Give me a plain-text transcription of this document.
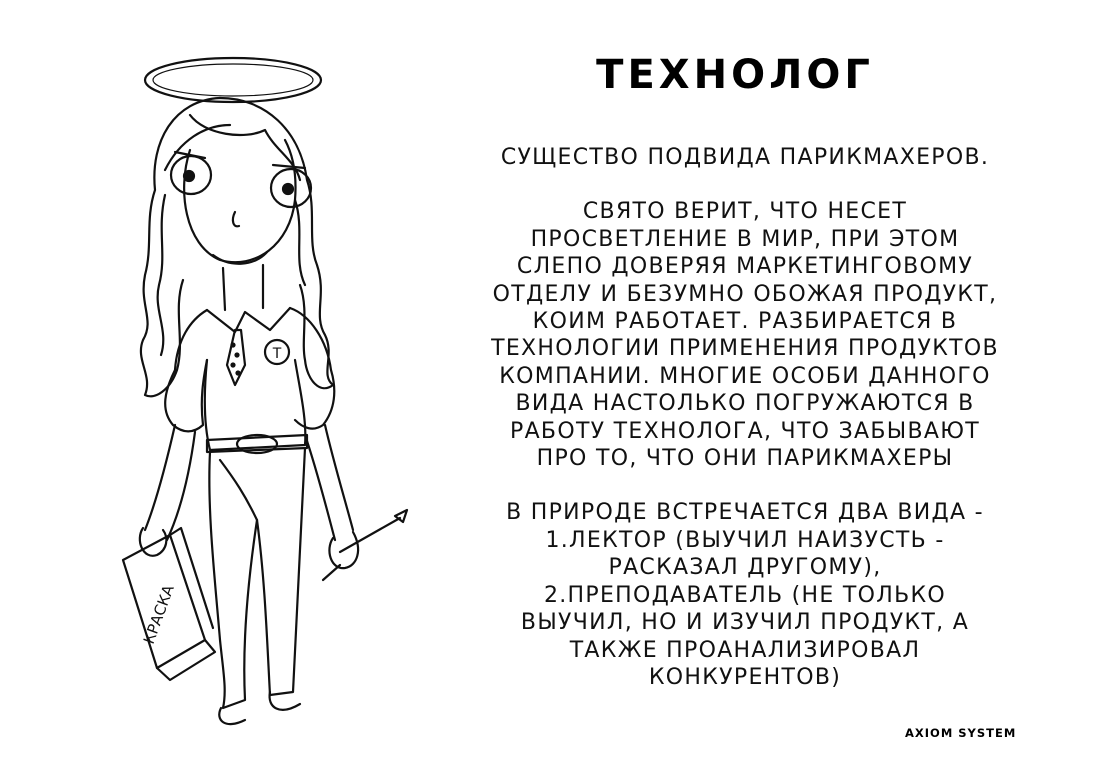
Т
КРАСКА
ТЕХНОЛОГ
СУЩЕСТВО ПОДВИДА ПАРИКМАХЕРОВ.
СВЯТО ВЕРИТ, ЧТО НЕСЕТ
ПРОСВЕТЛЕНИЕ В МИР, ПРИ ЭТОМ
СЛЕПО ДОВЕРЯЯ МАРКЕТИНГОВОМУ
ОТДЕЛУ И БЕЗУМНО ОБОЖАЯ ПРОДУКТ,
КОИМ РАБОТАЕТ. РАЗБИРАЕТСЯ В
ТЕХНОЛОГИИ ПРИМЕНЕНИЯ ПРОДУКТОВ
КОМПАНИИ. МНОГИЕ ОСОБИ ДАННОГО
ВИДА НАСТОЛЬКО ПОГРУЖАЮТСЯ В
РАБОТУ ТЕХНОЛОГА, ЧТО ЗАБЫВАЮТ
ПРО ТО, ЧТО ОНИ ПАРИКМАХЕРЫ
В ПРИРОДЕ ВСТРЕЧАЕТСЯ ДВА ВИДА -
1.ЛЕКТОР (ВЫУЧИЛ НАИЗУСТЬ -
РАСКАЗАЛ ДРУГОМУ),
2.ПРЕПОДАВАТЕЛЬ (НЕ ТОЛЬКО
ВЫУЧИЛ, НО И ИЗУЧИЛ ПРОДУКТ, А
ТАКЖЕ ПРОАНАЛИЗИРОВАЛ
КОНКУРЕНТОВ)
AXIOM SYSTEM
